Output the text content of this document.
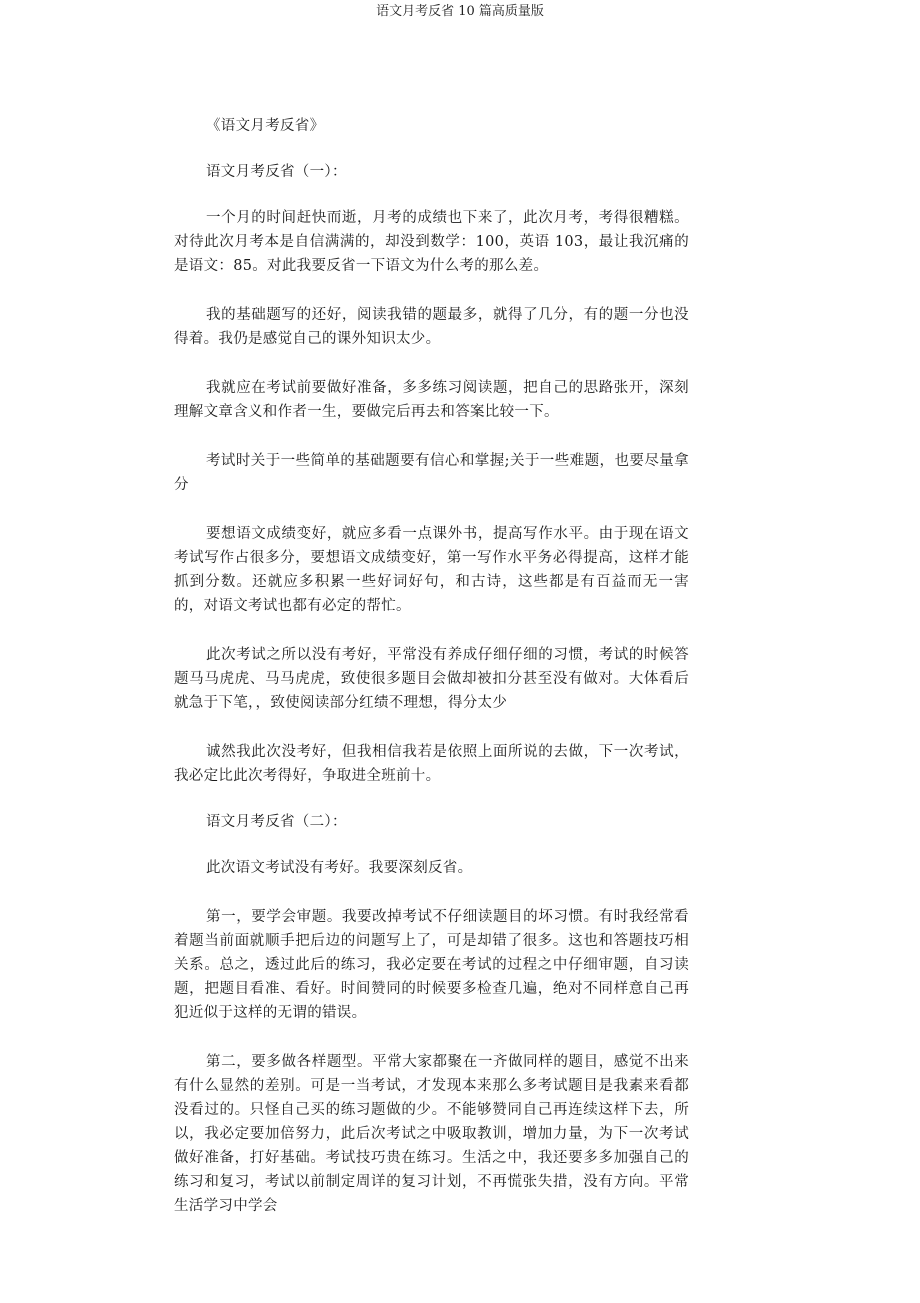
语文月考反省 10 篇高质量版

《语文月考反省》

语文月考反省（一）：

一个月的时间赶快而逝，月考的成绩也下来了，此次月考，考得很糟糕。对待此次月考本是自信满满的，却没到数学：100，英语 103，最让我沉痛的是语文：85。对此我要反省一下语文为什么考的那么差。

我的基础题写的还好，阅读我错的题最多，就得了几分，有的题一分也没得着。我仍是感觉自己的课外知识太少。

我就应在考试前要做好准备，多多练习阅读题，把自己的思路张开，深刻理解文章含义和作者一生，要做完后再去和答案比较一下。

考试时关于一些简单的基础题要有信心和掌握;关于一些难题，也要尽量拿分

要想语文成绩变好，就应多看一点课外书，提高写作水平。由于现在语文考试写作占很多分，要想语文成绩变好，第一写作水平务必得提高，这样才能抓到分数。还就应多积累一些好词好句，和古诗，这些都是有百益而无一害的，对语文考试也都有必定的帮忙。

此次考试之所以没有考好，平常没有养成仔细仔细的习惯，考试的时候答题马马虎虎、马马虎虎，致使很多题目会做却被扣分甚至没有做对。大体看后就急于下笔，，致使阅读部分红绩不理想，得分太少

诚然我此次没考好，但我相信我若是依照上面所说的去做，下一次考试，我必定比此次考得好，争取进全班前十。

语文月考反省（二）：

此次语文考试没有考好。我要深刻反省。

第一，要学会审题。我要改掉考试不仔细读题目的坏习惯。有时我经常看着题当前面就顺手把后边的问题写上了，可是却错了很多。这也和答题技巧相关系。总之，透过此后的练习，我必定要在考试的过程之中仔细审题，自习读题，把题目看准、看好。时间赞同的时候要多检查几遍，绝对不同样意自己再犯近似于这样的无谓的错误。

第二，要多做各样题型。平常大家都聚在一齐做同样的题目，感觉不出来有什么显然的差别。可是一当考试，才发现本来那么多考试题目是我素来看都没看过的。只怪自己买的练习题做的少。不能够赞同自己再连续这样下去，所以，我必定要加倍努力，此后次考试之中吸取教训，增加力量，为下一次考试做好准备，打好基础。考试技巧贵在练习。生活之中，我还要多多加强自己的练习和复习，考试以前制定周详的复习计划，不再慌张失措，没有方向。平常生活学习中学会
